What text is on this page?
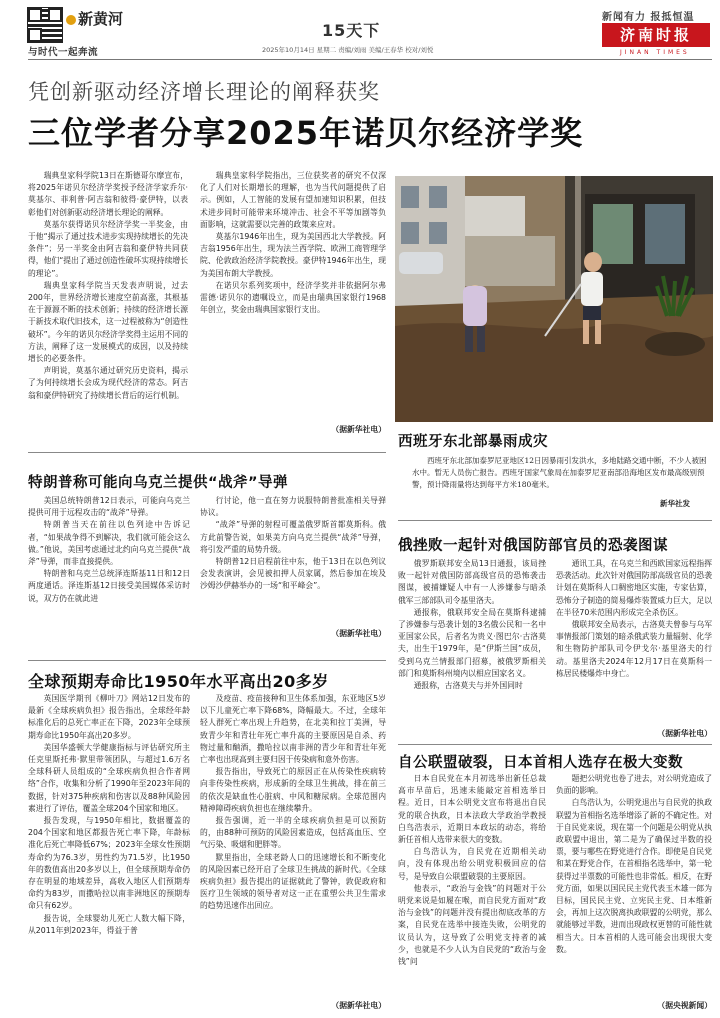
新黄河
与时代一起奔流
15天下
2025年10月14日 星期二 责编/刘雨 美编/王春华 校对/刘悦
新闻有力 报抵恒温
济南时报
JINAN TIMES
凭创新驱动经济增长理论的阐释获奖
三位学者分享2025年诺贝尔经济学奖

瑞典皇家科学院13日在斯德哥尔摩宣布，将2025年诺贝尔经济学奖授予经济学家乔尔·莫基尔、菲利普·阿吉翁和彼得·豪伊特，以表彰他们对创新驱动经济增长理论的阐释。

莫基尔获得诺贝尔经济学奖一半奖金，由于他“揭示了通过技术进步实现持续增长的先决条件”；另一半奖金由阿吉翁和豪伊特共同获得，他们“提出了通过创造性破坏实现持续增长的理论”。

瑞典皇家科学院当天发表声明说，过去200年，世界经济增长速度空前高涨，其根基在于源源不断的技术创新；持续的经济增长源于新技术取代旧技术，这一过程被称为“创造性破坏”。今年的诺贝尔经济学奖得主运用不同的方法，阐释了这一发展模式的成因，以及持续增长的必要条件。

声明说，莫基尔通过研究历史资料，揭示了为何持续增长会成为现代经济的常态。阿吉翁和豪伊特研究了持续增长背后的运行机制。

瑞典皇家科学院指出，三位获奖者的研究不仅深化了人们对长期增长的理解，也为当代问题提供了启示。例如，人工智能的发展有望加速知识积累，但技术进步同时可能带来环境冲击、社会不平等加剧等负面影响，这就需要以完善的政策来应对。

莫基尔1946年出生，现为美国西北大学教授。阿吉翁1956年出生，现为法兰西学院、欧洲工商管理学院、伦敦政治经济学院教授。豪伊特1946年出生，现为美国布朗大学教授。

在诺贝尔系列奖项中，经济学奖并非依据阿尔弗雷德·诺贝尔的遗嘱设立，而是由瑞典国家银行1968年创立，奖金由瑞典国家银行支出。

（据新华社电）
西班牙东北部暴雨成灾
西班牙东北部加泰罗尼亚地区12日因暴雨引发洪水，多地陆路交通中断，不少人被困水中。暂无人员伤亡报告。西班牙国家气象局在加泰罗尼亚南部沿海地区发布最高级别预警，预计降雨量将达到每平方米180毫米。
新华社发
特朗普称可能向乌克兰提供“战斧”导弹

美国总统特朗普12日表示，可能向乌克兰提供可用于远程攻击的“战斧”导弹。

特朗普当天在前往以色列途中告诉记者，“如果战争得不到解决，我们就可能会这么做。”他说，美国考虑通过北约向乌克兰提供“战斧”导弹，而非直接提供。

特朗普和乌克兰总统泽连斯基11日和12日两度通话。泽连斯基12日接受美国媒体采访时说，双方仍在就此进

行讨论，他一直在努力说服特朗普批准相关导弹协议。

“战斧”导弹的射程可覆盖俄罗斯首都莫斯科。俄方此前警告说，如果美方向乌克兰提供“战斧”导弹，将引发严重的局势升级。

特朗普12日启程前往中东，他于13日在以色列议会发表演讲，会见被扣押人员家属，然后参加在埃及沙姆沙伊赫举办的一场“和平峰会”。

（据新华社电）
全球预期寿命比1950年水平高出20多岁

英国医学期刊《柳叶刀》网站12日发布的最新《全球疾病负担》报告指出，全球经年龄标准化后的总死亡率正在下降，2023年全球预期寿命比1950年高出20多岁。

美国华盛顿大学健康指标与评估研究所主任克里斯托弗·默里带领团队，与超过1.6万名全球科研人员组成的“全球疾病负担合作者网络”合作，收集和分析了1990年至2023年间的数据，针对375种疾病和伤害以及88种风险因素进行了评估，覆盖全球204个国家和地区。

报告发现，与1950年相比，数据覆盖的204个国家和地区都报告死亡率下降，年龄标准化后死亡率降低67%；2023年全球女性预期寿命约为76.3岁，男性约为71.5岁，比1950年的数值高出20多岁以上，但全球预期寿命仍存在明显的地域差异，高收入地区人们预期寿命约为83岁，而撒哈拉以南非洲地区的预期寿命只有62岁。

报告说，全球婴幼儿死亡人数大幅下降，从2011年到2023年，得益于普

及疫苗、疫苗接种和卫生体系加强，东亚地区5岁以下儿童死亡率下降68%，降幅最大。不过，全球年轻人群死亡率出现上升趋势，在北美和拉丁美洲，导致青少年和青壮年死亡率升高的主要原因是自杀、药物过量和酗酒，撒哈拉以南非洲的青少年和青壮年死亡率也出现高到主要归因于传染病和意外伤害。

报告指出，导致死亡的原因正在从传染性疾病转向非传染性疾病，形成新的全球卫生挑战，排在前三的依次是缺血性心脏病、中风和糖尿病。全球范围内精神障碍疾病负担也在继续攀升。

报告强调，近一半的全球疾病负担是可以预防的，由88种可预防的风险因素造成，包括高血压、空气污染、吸烟和肥胖等。

默里指出，全球老龄人口的迅速增长和不断变化的风险因素已经开启了全球卫生挑战的新时代。《全球疾病负担》报告提出的证据就此了警钟，敦促政府和医疗卫生领域的领导者对这一正在重塑公共卫生需求的趋势迅速作出回应。

（据新华社电）
俄挫败一起针对俄国防部官员的恐袭图谋

俄罗斯联邦安全局13日通报，该局挫败一起针对俄国防部高级官员的恐怖袭击图谋，被捕嫌疑人中有一人涉嫌参与暗杀俄军三部部队司令基里洛夫。

通报称，俄联邦安全局在莫斯科逮捕了涉嫌参与恐袭计划的3名俄公民和一名中亚国家公民，后者名为贵义·图巴尔·古洛莫夫，出生于1979年，是“伊斯兰国”成员，受到乌克兰情报部门招募，被俄罗斯相关部门和莫斯科州境内以相应国家名义。

通报称，古洛莫夫与并外国同时

通讯工具，在乌克兰和西欧国家远程指挥恐袭活动。此次针对俄国防部高级官员的恐袭计划在莫斯科人口稠密地区实施，专家估算，恐怖分子制造的简易爆炸装置威力巨大，足以在半径70米范围内形成完全杀伤区。

俄联邦安全局表示，古洛莫夫曾参与乌军事情报部门策划的暗杀俄武装力量辐射、化学和生物防护部队司令伊戈尔·基里洛夫的行动。基里洛夫2024年12月17日在莫斯科一栋居民楼爆炸中身亡。

（据新华社电）
自公联盟破裂，日本首相人选存在极大变数

日本自民党在本月初选举出新任总裁高市早苗后，迅速未能敲定首相选举日程。近日，日本公明党文宣布将退出自民党的联合执政，日本法政大学政治学教授白鸟浩表示，近期日本政坛的动态，将给新任首相人选带来很大的变数。

白鸟浩认为，自民党在近期相关动向，没有体现出给公明党积极回应的信号，是导致自公联盟破裂的主要原因。

他表示，“政治与金钱”的问题对于公明党来说是如履在喉，而自民党方面对“政治与金钱”的问题并没有提出彻底改革的方案，自民党在选举中接连失败，公明党的议员认为，这导致了公明党支持者的减少，也就是不少人认为自民党的“政治与金钱”问

题把公明党也卷了进去，对公明党造成了负面的影响。

白鸟浩认为，公明党退出与自民党的执政联盟为首相指名选举增添了新的不确定性。对于自民党来说，现在第一个问题是公明党从执政联盟中退出，第二是为了确保过半数的投票，要与哪些在野党进行合作。即使是自民党和某在野党合作，在首相指名选举中，第一轮获得过半票数的可能性也非常低。相反，在野党方面，如果以国民民主党代表玉木雄一郎为目标，国民民主党、立宪民主党、日本维新会，再加上这次脱离执政联盟的公明党，那么就能够过半数，进而出现政权更替的可能性就相当大。日本首相的人选可能会出现很大变数。

（据央视新闻）
